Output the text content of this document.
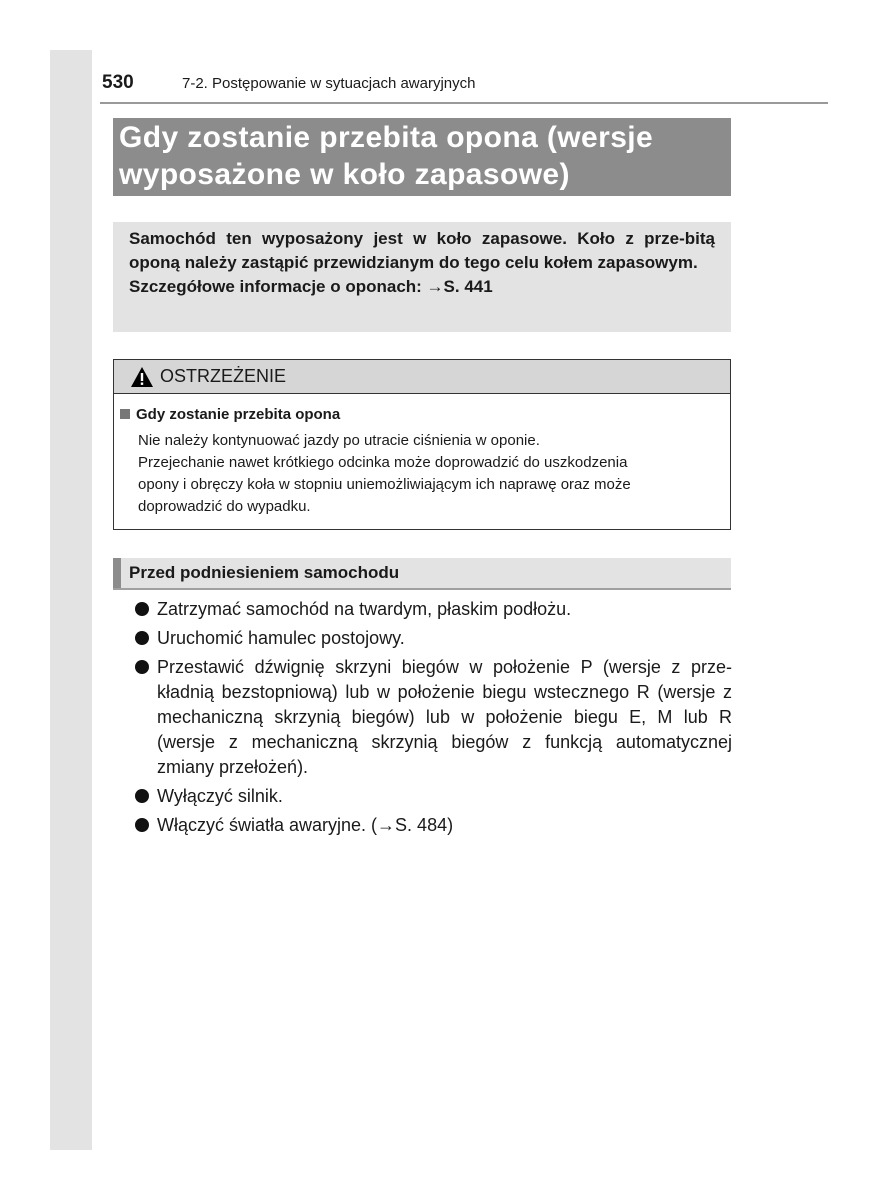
530	7-2. Postępowanie w sytuacjach awaryjnych
Gdy zostanie przebita opona (wersje
wyposażone w koło zapasowe)

Samochód ten wyposażony jest w koło zapasowe. Koło z prze-bitą oponą należy zastąpić przewidzianym do tego celu kołem zapasowym.
Szczegółowe informacje o oponach: →S. 441

OSTRZEŻENIE
Gdy zostanie przebita opona

Nie należy kontynuować jazdy po utracie ciśnienia w oponie.

Przejechanie nawet krótkiego odcinka może doprowadzić do uszkodzenia

opony i obręczy koła w stopniu uniemożliwiającym ich naprawę oraz może

doprowadzić do wypadku.

Przed podniesieniem samochodu
Zatrzymać samochód na twardym, płaskim podłożu.
Uruchomić hamulec postojowy.
Przestawić dźwignię skrzyni biegów w położenie P (wersje z prze-kładnią bezstopniową) lub w położenie biegu wstecznego R (wersje z mechaniczną skrzynią biegów) lub w położenie biegu E, M lub R (wersje z mechaniczną skrzynią biegów z funkcją automatycznej zmiany przełożeń).
Wyłączyć silnik.
Włączyć światła awaryjne. (→S. 484)
